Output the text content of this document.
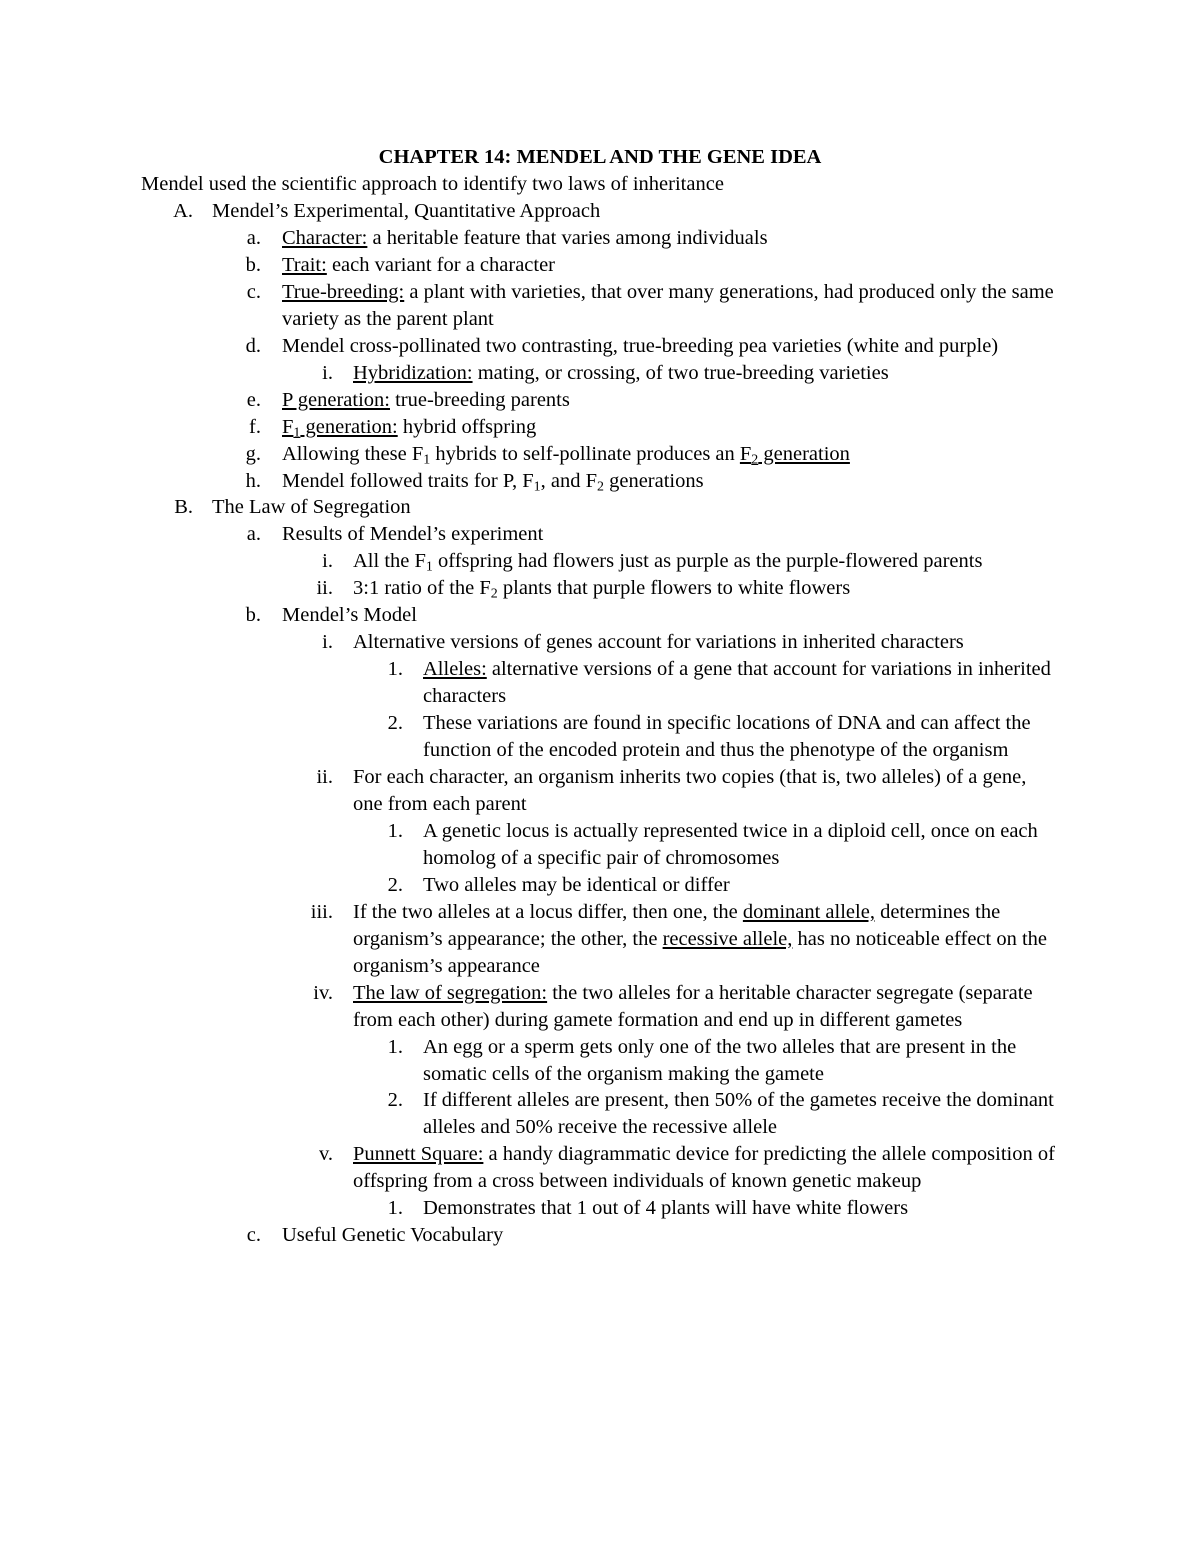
CHAPTER 14: MENDEL AND THE GENE IDEA
Mendel used the scientific approach to identify two laws of inheritance
A. Mendel’s Experimental, Quantitative Approach
a. Character: a heritable feature that varies among individuals
b. Trait: each variant for a character
c. True-breeding: a plant with varieties, that over many generations, had produced only the same variety as the parent plant
d. Mendel cross-pollinated two contrasting, true-breeding pea varieties (white and purple)
i. Hybridization: mating, or crossing, of two true-breeding varieties
e. P generation: true-breeding parents
f. $F_1$ generation: hybrid offspring
g. Allowing these $F_1$ hybrids to self-pollinate produces an $F_2$ generation
h. Mendel followed traits for P, $F_1$, and $F_2$ generations
B. The Law of Segregation
a. Results of Mendel’s experiment
i. All the $F_1$ offspring had flowers just as purple as the purple-flowered parents
ii. 3:1 ratio of the $F_2$ plants that purple flowers to white flowers
b. Mendel’s Model
i. Alternative versions of genes account for variations in inherited characters
1. Alleles: alternative versions of a gene that account for variations in inherited characters
2. These variations are found in specific locations of DNA and can affect the function of the encoded protein and thus the phenotype of the organism
ii. For each character, an organism inherits two copies (that is, two alleles) of a gene, one from each parent
1. A genetic locus is actually represented twice in a diploid cell, once on each homolog of a specific pair of chromosomes
2. Two alleles may be identical or differ
iii. If the two alleles at a locus differ, then one, the dominant allele, determines the organism’s appearance; the other, the recessive allele, has no noticeable effect on the organism’s appearance
iv. The law of segregation: the two alleles for a heritable character segregate (separate from each other) during gamete formation and end up in different gametes
1. An egg or a sperm gets only one of the two alleles that are present in the somatic cells of the organism making the gamete
2. If different alleles are present, then 50% of the gametes receive the dominant alleles and 50% receive the recessive allele
v. Punnett Square: a handy diagrammatic device for predicting the allele composition of offspring from a cross between individuals of known genetic makeup
1. Demonstrates that 1 out of 4 plants will have white flowers
c. Useful Genetic Vocabulary
